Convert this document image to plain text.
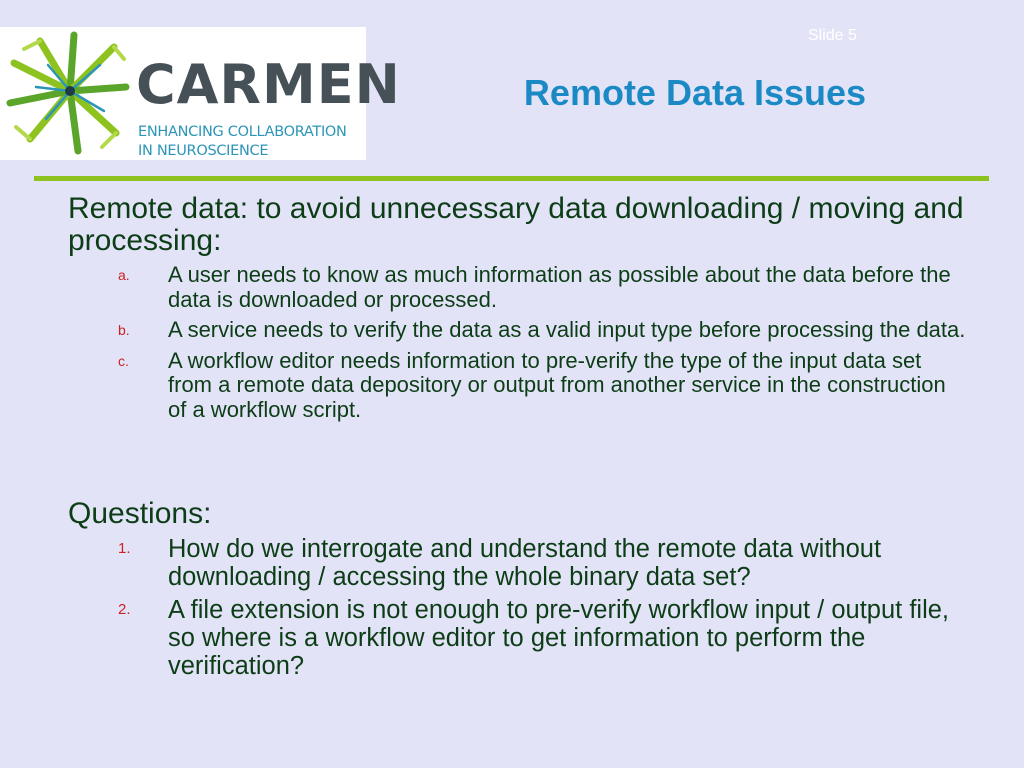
CARMEN
ENHANCING COLLABORATION
IN NEUROSCIENCE
Slide 5
Remote Data Issues

Remote data: to avoid unnecessary data downloading / moving and processing:

a. A user needs to know as much information as possible about the data before the data is downloaded or processed.
b. A service needs to verify the data as a valid input type before processing the data.
c. A workflow editor needs information to pre-verify the type of the input data set from a remote data depository or output from another service in the construction of a workflow script.

Questions:

1. How do we interrogate and understand the remote data without downloading / accessing the whole binary data set?
2. A file extension is not enough to pre-verify workflow input / output file, so where is a workflow editor to get information to perform the verification?
